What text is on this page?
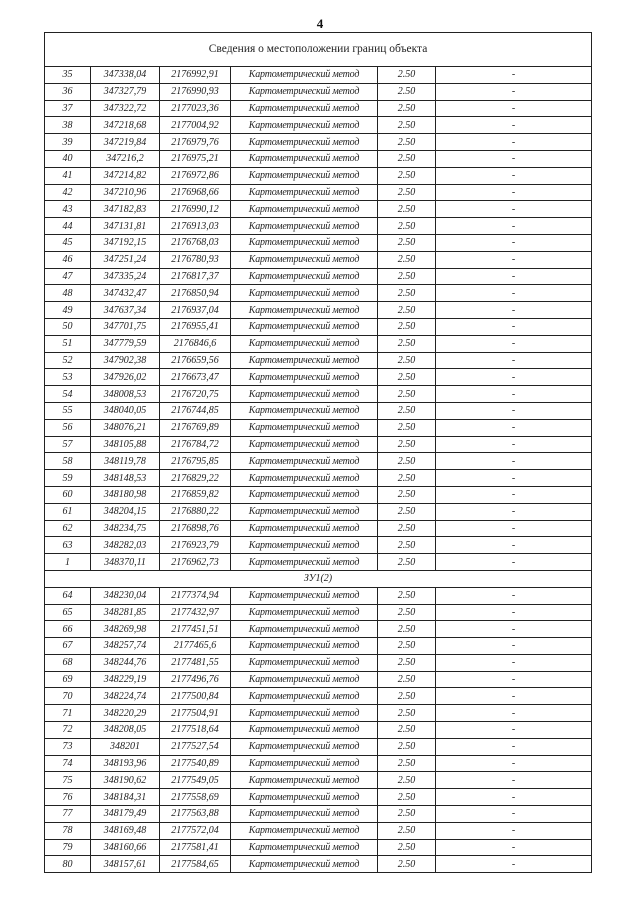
4
Сведения о местоположении границ объекта					
35	347338,04	2176992,91	Картометрический метод	2.50	-
36	347327,79	2176990,93	Картометрический метод	2.50	-
37	347322,72	2177023,36	Картометрический метод	2.50	-
38	347218,68	2177004,92	Картометрический метод	2.50	-
39	347219,84	2176979,76	Картометрический метод	2.50	-
40	347216,2	2176975,21	Картометрический метод	2.50	-
41	347214,82	2176972,86	Картометрический метод	2.50	-
42	347210,96	2176968,66	Картометрический метод	2.50	-
43	347182,83	2176990,12	Картометрический метод	2.50	-
44	347131,81	2176913,03	Картометрический метод	2.50	-
45	347192,15	2176768,03	Картометрический метод	2.50	-
46	347251,24	2176780,93	Картометрический метод	2.50	-
47	347335,24	2176817,37	Картометрический метод	2.50	-
48	347432,47	2176850,94	Картометрический метод	2.50	-
49	347637,34	2176937,04	Картометрический метод	2.50	-
50	347701,75	2176955,41	Картометрический метод	2.50	-
51	347779,59	2176846,6	Картометрический метод	2.50	-
52	347902,38	2176659,56	Картометрический метод	2.50	-
53	347926,02	2176673,47	Картометрический метод	2.50	-
54	348008,53	2176720,75	Картометрический метод	2.50	-
55	348040,05	2176744,85	Картометрический метод	2.50	-
56	348076,21	2176769,89	Картометрический метод	2.50	-
57	348105,88	2176784,72	Картометрический метод	2.50	-
58	348119,78	2176795,85	Картометрический метод	2.50	-
59	348148,53	2176829,22	Картометрический метод	2.50	-
60	348180,98	2176859,82	Картометрический метод	2.50	-
61	348204,15	2176880,22	Картометрический метод	2.50	-
62	348234,75	2176898,76	Картометрический метод	2.50	-
63	348282,03	2176923,79	Картометрический метод	2.50	-
1	348370,11	2176962,73	Картометрический метод	2.50	-
ЗУ1(2)					
64	348230,04	2177374,94	Картометрический метод	2.50	-
65	348281,85	2177432,97	Картометрический метод	2.50	-
66	348269,98	2177451,51	Картометрический метод	2.50	-
67	348257,74	2177465,6	Картометрический метод	2.50	-
68	348244,76	2177481,55	Картометрический метод	2.50	-
69	348229,19	2177496,76	Картометрический метод	2.50	-
70	348224,74	2177500,84	Картометрический метод	2.50	-
71	348220,29	2177504,91	Картометрический метод	2.50	-
72	348208,05	2177518,64	Картометрический метод	2.50	-
73	348201	2177527,54	Картометрический метод	2.50	-
74	348193,96	2177540,89	Картометрический метод	2.50	-
75	348190,62	2177549,05	Картометрический метод	2.50	-
76	348184,31	2177558,69	Картометрический метод	2.50	-
77	348179,49	2177563,88	Картометрический метод	2.50	-
78	348169,48	2177572,04	Картометрический метод	2.50	-
79	348160,66	2177581,41	Картометрический метод	2.50	-
80	348157,61	2177584,65	Картометрический метод	2.50	-
